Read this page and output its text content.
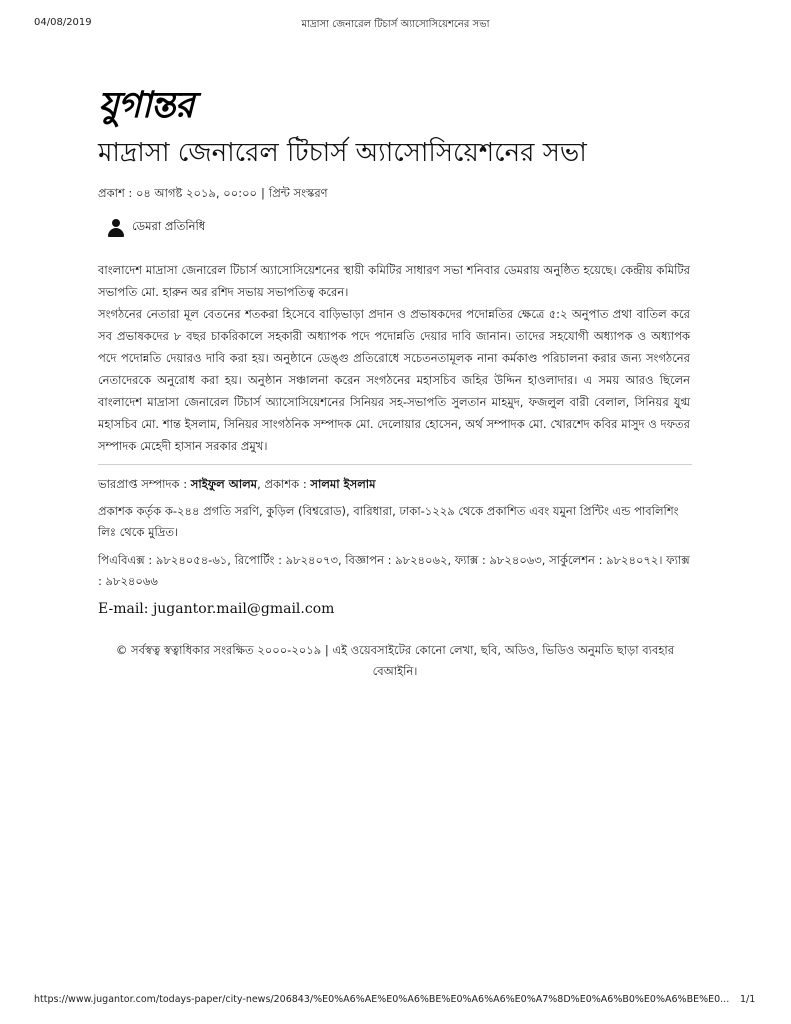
04/08/2019	মাদ্রাসা জেনারেল টিচার্স অ্যাসোসিয়েশনের সভা
যুগান্তর
মাদ্রাসা জেনারেল টিচার্স অ্যাসোসিয়েশনের সভা
প্রকাশ : ০৪ আগষ্ট ২০১৯, ০০:০০ | প্রিন্ট সংস্করণ
ডেমরা প্রতিনিধি
বাংলাদেশ মাদ্রাসা জেনারেল টিচার্স অ্যাসোসিয়েশনের স্থায়ী কমিটির সাধারণ সভা শনিবার ডেমরায় অনুষ্ঠিত হয়েছে। কেন্দ্রীয় কমিটির সভাপতি মো. হারুন অর রশিদ সভায় সভাপতিত্ব করেন।
সংগঠনের নেতারা মূল বেতনের শতকরা হিসেবে বাড়িভাড়া প্রদান ও প্রভাষকদের পদোন্নতির ক্ষেত্রে ৫:২ অনুপাত প্রথা বাতিল করে সব প্রভাষকদের ৮ বছর চাকরিকালে সহকারী অধ্যাপক পদে পদোন্নতি দেয়ার দাবি জানান। তাদের সহযোগী অধ্যাপক ও অধ্যাপক পদে পদোন্নতি দেয়ারও দাবি করা হয়। অনুষ্ঠানে ডেঙ্গু প্রতিরোধে সচেতনতামূলক নানা কর্মকাণ্ড পরিচালনা করার জন্য সংগঠনের নেতাদেরকে অনুরোধ করা হয়। অনুষ্ঠান সঞ্চালনা করেন সংগঠনের মহাসচিব জহির উদ্দিন হাওলাদার। এ সময় আরও ছিলেন বাংলাদেশ মাদ্রাসা জেনারেল টিচার্স অ্যাসোসিয়েশনের সিনিয়র সহ-সভাপতি সুলতান মাহমুদ, ফজলুল বারী বেলাল, সিনিয়র যুগ্ম মহাসচিব মো. শান্ত ইসলাম, সিনিয়র সাংগঠনিক সম্পাদক মো. দেলোয়ার হোসেন, অর্থ সম্পাদক মো. খোরশেদ কবির মাসুদ ও দফতর সম্পাদক মেহেদী হাসান সরকার প্রমুখ।
ভারপ্রাপ্ত সম্পাদক : সাইফুল আলম, প্রকাশক : সালমা ইসলাম
প্রকাশক কর্তৃক ক-২৪৪ প্রগতি সরণি, কুড়িল (বিশ্বরোড), বারিধারা, ঢাকা-১২২৯ থেকে প্রকাশিত এবং যমুনা প্রিন্টিং এন্ড পাবলিশিং লিঃ থেকে মুদ্রিত।
পিএবিএক্স : ৯৮২৪০৫৪-৬১, রিপোর্টিং : ৯৮২৪০৭৩, বিজ্ঞাপন : ৯৮২৪০৬২, ফ্যাক্স : ৯৮২৪০৬৩, সার্কুলেশন : ৯৮২৪০৭২। ফ্যাক্স : ৯৮২৪০৬৬
E-mail: jugantor.mail@gmail.com
© সর্বস্বত্ব স্বত্বাধিকার সংরক্ষিত ২০০০-২০১৯ | এই ওয়েবসাইটের কোনো লেখা, ছবি, অডিও, ভিডিও অনুমতি ছাড়া ব্যবহার বেআইনি।
https://www.jugantor.com/todays-paper/city-news/206843/%E0%A6%AE%E0%A6%BE%E0%A6%A6%E0%A7%8D%E0%A6%B0%E0%A6%BE%E0...	1/1
